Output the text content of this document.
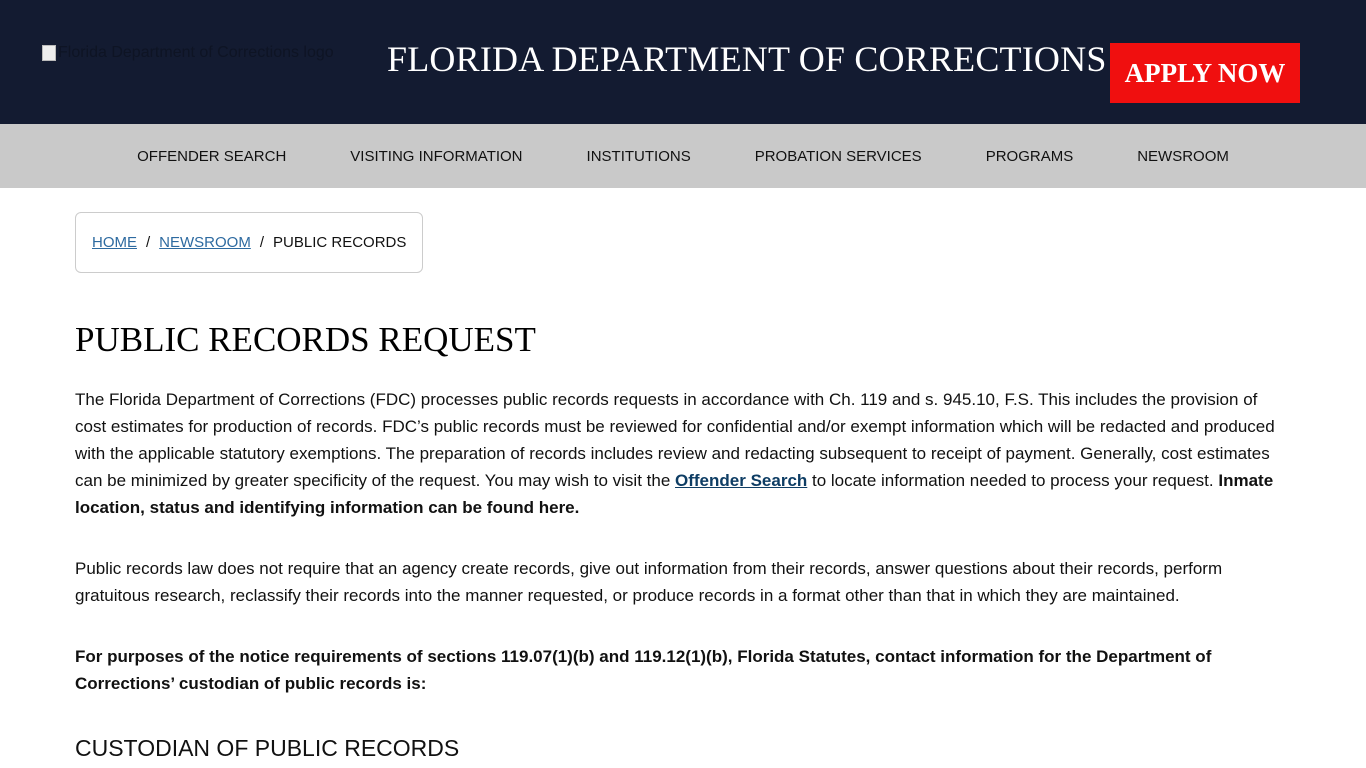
Florida Department of Corrections logo FLORIDA DEPARTMENT OF CORRECTIONS APPLY NOW
OFFENDER SEARCH	VISITING INFORMATION	INSTITUTIONS	PROBATION SERVICES	PROGRAMS	NEWSROOM
HOME / NEWSROOM / PUBLIC RECORDS
PUBLIC RECORDS REQUEST

The Florida Department of Corrections (FDC) processes public records requests in accordance with Ch. 119 and s. 945.10, F.S. This includes the provision of cost estimates for production of records. FDC’s public records must be reviewed for confidential and/or exempt information which will be redacted and produced with the applicable statutory exemptions. The preparation of records includes review and redacting subsequent to receipt of payment. Generally, cost estimates can be minimized by greater specificity of the request. You may wish to visit the Offender Search to locate information needed to process your request. Inmate location, status and identifying information can be found here.

Public records law does not require that an agency create records, give out information from their records, answer questions about their records, perform gratuitous research, reclassify their records into the manner requested, or produce records in a format other than that in which they are maintained.

For purposes of the notice requirements of sections 119.07(1)(b) and 119.12(1)(b), Florida Statutes, contact information for the Department of Corrections’ custodian of public records is:

CUSTODIAN OF PUBLIC RECORDS
